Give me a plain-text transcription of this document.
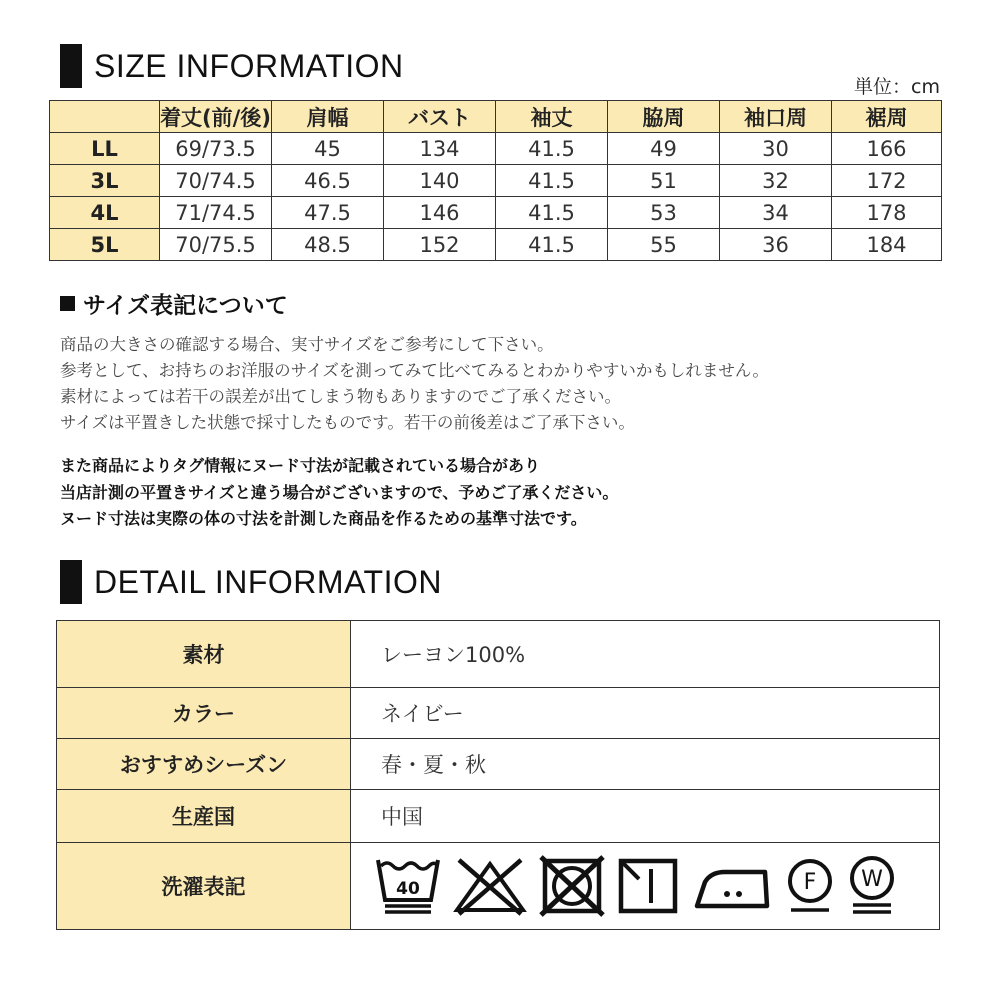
SIZE INFORMATION
単位：cm
	着丈(前/後)	肩幅	バスト	袖丈	脇周	袖口周	裾周
LL	69/73.5	45	134	41.5	49	30	166
3L	70/74.5	46.5	140	41.5	51	32	172
4L	71/74.5	47.5	146	41.5	53	34	178
5L	70/75.5	48.5	152	41.5	55	36	184
サイズ表記について

商品の大きさの確認する場合、実寸サイズをご参考にして下さい。

参考として、お持ちのお洋服のサイズを測ってみて比べてみるとわかりやすいかもしれません。

素材によっては若干の誤差が出てしまう物もありますのでご了承ください。

サイズは平置きした状態で採寸したものです。若干の前後差はご了承下さい。

また商品によりタグ情報にヌード寸法が記載されている場合があり

当店計測の平置きサイズと違う場合がございますので、予めご了承ください。

ヌード寸法は実際の体の寸法を計測した商品を作るための基準寸法です。

DETAIL INFORMATION
素材	レーヨン100%
カラー	ネイビー
おすすめシーズン	春・夏・秋
生産国	中国
洗濯表記	40 F W
